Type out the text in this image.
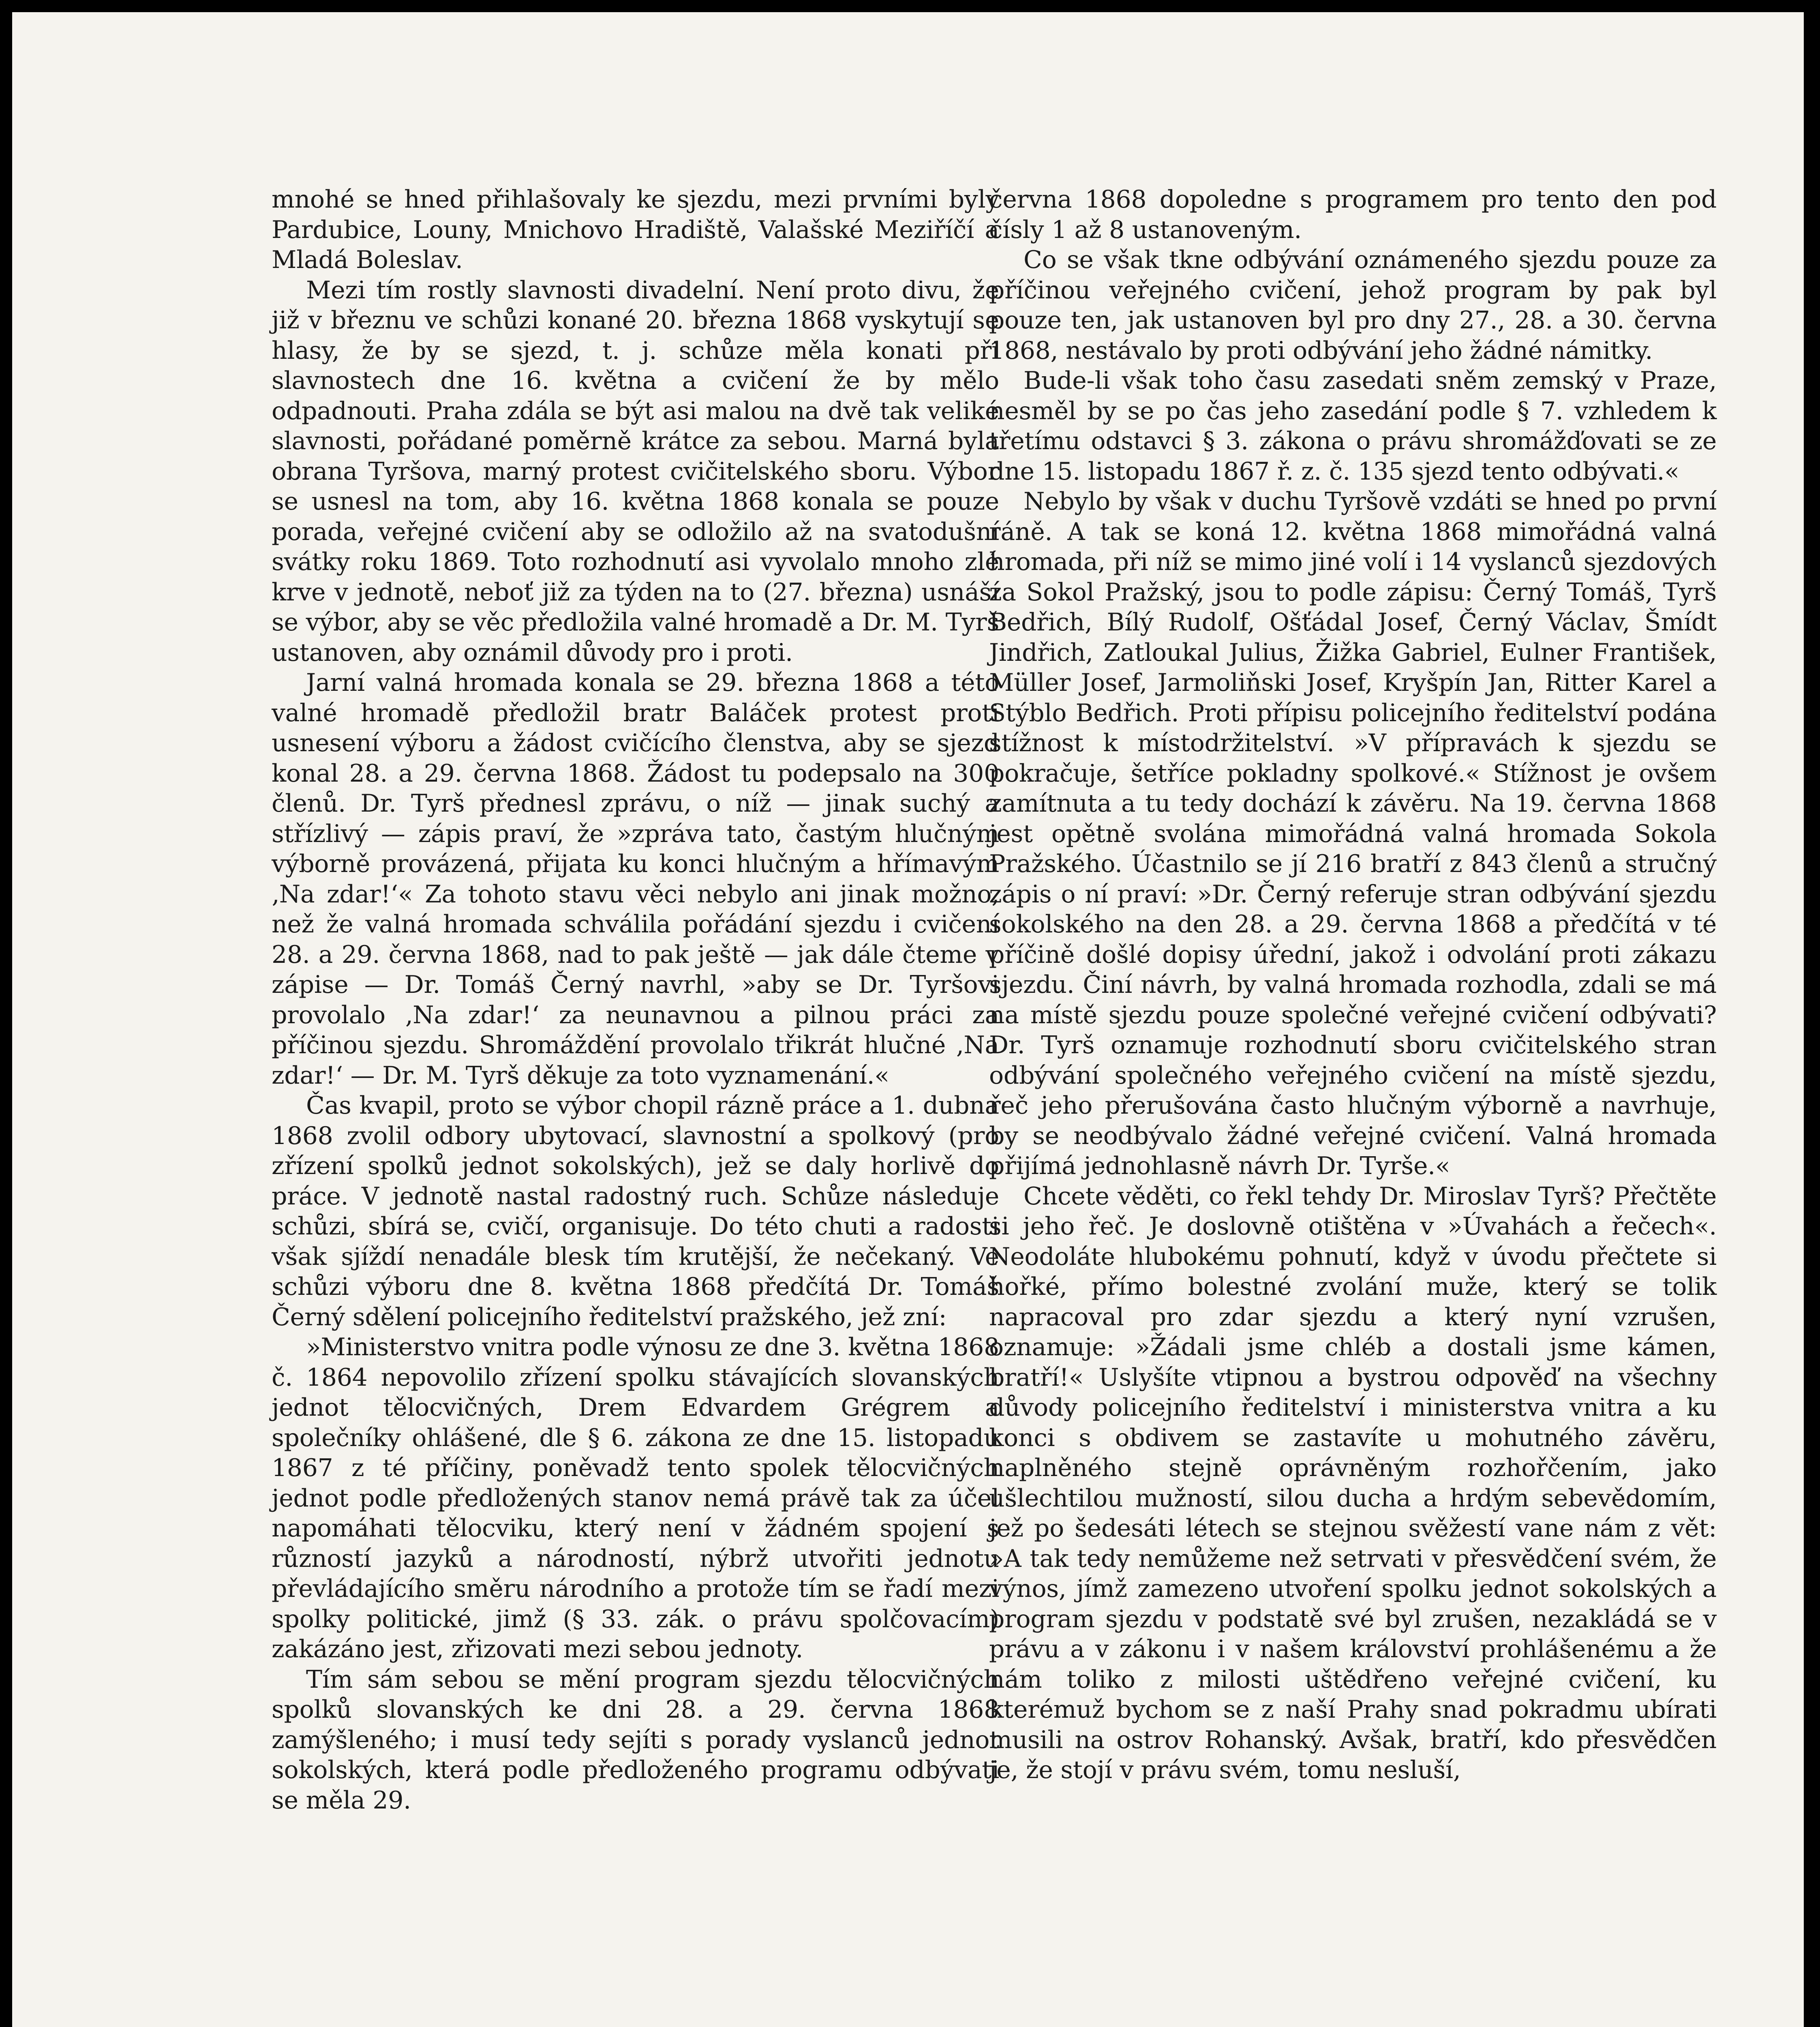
mnohé se hned přihlašovaly ke sjezdu, mezi prvními byly Pardubice, Louny, Mnichovo Hradiště, Valašské Meziříčí a Mladá Boleslav.

Mezi tím rostly slavnosti divadelní. Není proto divu, že již v březnu ve schůzi konané 20. března 1868 vyskytují se hlasy, že by se sjezd, t. j. schůze měla konati při slavnostech dne 16. května a cvičení že by mělo odpadnouti. Praha zdála se být asi malou na dvě tak veliké slavnosti, pořádané poměrně krátce za sebou. Marná byla obrana Tyršova, marný protest cvičitelského sboru. Výbor se usnesl na tom, aby 16. května 1868 konala se pouze porada, veřejné cvičení aby se odložilo až na svatodušní svátky roku 1869. Toto rozhodnutí asi vyvolalo mnoho zlé krve v jednotě, neboť již za týden na to (27. března) usnáší se výbor, aby se věc předložila valné hromadě a Dr. M. Tyrš ustanoven, aby oznámil důvody pro i proti.

Jarní valná hromada konala se 29. března 1868 a této valné hromadě předložil bratr Baláček protest proti usnesení výboru a žádost cvičícího členstva, aby se sjezd konal 28. a 29. června 1868. Žádost tu podepsalo na 300 členů. Dr. Tyrš přednesl zprávu, o níž — jinak suchý a střízlivý — zápis praví, že »zpráva tato, častým hlučným výborně provázená, přijata ku konci hlučným a hřímavým ‚Na zdar!‘« Za tohoto stavu věci nebylo ani jinak možno, než že valná hromada schválila pořádání sjezdu i cvičení 28. a 29. června 1868, nad to pak ještě — jak dále čteme v zápise — Dr. Tomáš Černý navrhl, »aby se Dr. Tyršovi provolalo ‚Na zdar!‘ za neunavnou a pilnou práci za příčinou sjezdu. Shromáždění provolalo třikrát hlučné ‚Na zdar!‘ — Dr. M. Tyrš děkuje za toto vyznamenání.«

Čas kvapil, proto se výbor chopil rázně práce a 1. dubna 1868 zvolil odbory ubytovací, slavnostní a spolkový (pro zřízení spolků jednot sokolských), jež se daly horlivě do práce. V jednotě nastal radostný ruch. Schůze následuje schůzi, sbírá se, cvičí, organisuje. Do této chuti a radosti však sjíždí nenadále blesk tím krutější, že nečekaný. Ve schůzi výboru dne 8. května 1868 předčítá Dr. Tomáš Černý sdělení policejního ředitelství pražského, jež zní:

»Ministerstvo vnitra podle výnosu ze dne 3. května 1868 č. 1864 nepovolilo zřízení spolku stávajících slovanských jednot tělocvičných, Drem Edvardem Grégrem a společníky ohlášené, dle § 6. zákona ze dne 15. listopadu 1867 z té příčiny, poněvadž tento spolek tělocvičných jednot podle předložených stanov nemá právě tak za účel napomáhati tělocviku, který není v žádném spojení s růzností jazyků a národností, nýbrž utvořiti jednotu převládajícího směru národního a protože tím se řadí mezi spolky politické, jimž (§ 33. zák. o právu spolčovacím) zakázáno jest, zřizovati mezi sebou jednoty.

Tím sám sebou se mění program sjezdu tělocvičných spolků slovanských ke dni 28. a 29. června 1868 zamýšleného; i musí tedy sejíti s porady vyslanců jednot sokolských, která podle předloženého programu odbývati se měla 29.

června 1868 dopoledne s programem pro tento den pod čísly 1 až 8 ustanoveným.

Co se však tkne odbývání oznámeného sjezdu pouze za příčinou veřejného cvičení, jehož program by pak byl pouze ten, jak ustanoven byl pro dny 27., 28. a 30. června 1868, nestávalo by proti odbývání jeho žádné námitky.

Bude-li však toho času zasedati sněm zemský v Praze, nesměl by se po čas jeho zasedání podle § 7. vzhledem k třetímu odstavci § 3. zákona o právu shromážďovati se ze dne 15. listopadu 1867 ř. z. č. 135 sjezd tento odbývati.«

Nebylo by však v duchu Tyršově vzdáti se hned po první ráně. A tak se koná 12. května 1868 mimořádná valná hromada, při níž se mimo jiné volí i 14 vyslanců sjezdových za Sokol Pražský, jsou to podle zápisu: Černý Tomáš, Tyrš Bedřich, Bílý Rudolf, Ošťádal Josef, Černý Václav, Šmídt Jindřich, Zatloukal Julius, Žižka Gabriel, Eulner František, Müller Josef, Jarmoliňski Josef, Kryšpín Jan, Ritter Karel a Stýblo Bedřich. Proti přípisu policejního ředitelství podána stížnost k místodržitelství. »V přípravách k sjezdu se pokračuje, šetříce pokladny spolkové.« Stížnost je ovšem zamítnuta a tu tedy dochází k závěru. Na 19. června 1868 jest opětně svolána mimořádná valná hromada Sokola Pražského. Účastnilo se jí 216 bratří z 843 členů a stručný zápis o ní praví: »Dr. Černý referuje stran odbývání sjezdu sokolského na den 28. a 29. června 1868 a předčítá v té příčině došlé dopisy úřední, jakož i odvolání proti zákazu sjezdu. Činí návrh, by valná hromada rozhodla, zdali se má na místě sjezdu pouze společné veřejné cvičení odbývati? Dr. Tyrš oznamuje rozhodnutí sboru cvičitelského stran odbývání společného veřejného cvičení na místě sjezdu, řeč jeho přerušována často hlučným výborně a navrhuje, by se neodbývalo žádné veřejné cvičení. Valná hromada přijímá jednohlasně návrh Dr. Tyrše.«

Chcete věděti, co řekl tehdy Dr. Miroslav Tyrš? Přečtěte si jeho řeč. Je doslovně otištěna v »Úvahách a řečech«. Neodoláte hlubokému pohnutí, když v úvodu přečtete si hořké, přímo bolestné zvolání muže, který se tolik napracoval pro zdar sjezdu a který nyní vzrušen, oznamuje: »Žádali jsme chléb a dostali jsme kámen, bratří!« Uslyšíte vtipnou a bystrou odpověď na všechny důvody policejního ředitelství i ministerstva vnitra a ku konci s obdivem se zastavíte u mohutného závěru, naplněného stejně oprávněným rozhořčením, jako ušlechtilou mužností, silou ducha a hrdým sebevědomím, jež po šedesáti létech se stejnou svěžestí vane nám z vět: »A tak tedy nemůžeme než setrvati v přesvědčení svém, že výnos, jímž zamezeno utvoření spolku jednot sokolských a program sjezdu v podstatě své byl zrušen, nezakládá se v právu a v zákonu i v našem království prohlášenému a že nám toliko z milosti uštědřeno veřejné cvičení, ku kterémuž bychom se z naší Prahy snad pokradmu ubírati musili na ostrov Rohanský. Avšak, bratří, kdo přesvědčen je, že stojí v právu svém, tomu nesluší,
